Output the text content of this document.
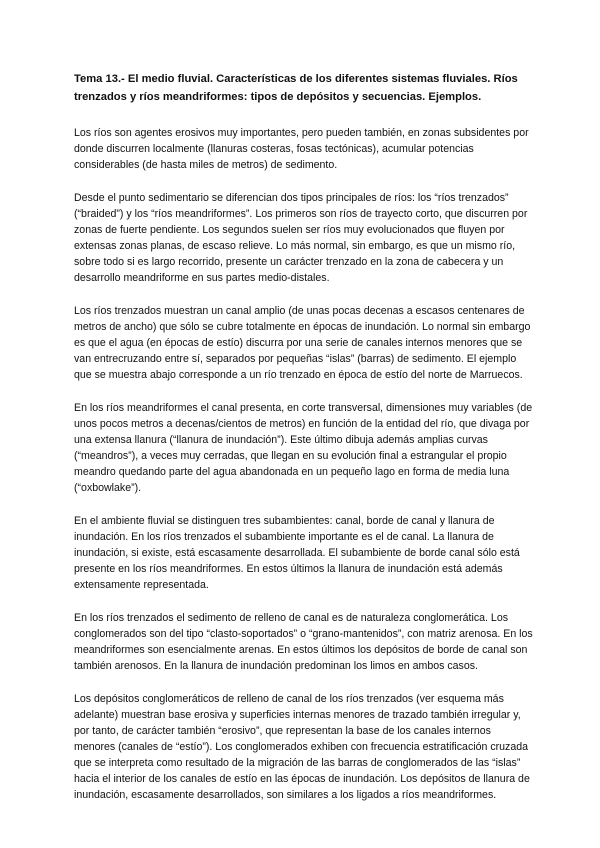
Tema 13.- El medio fluvial. Características de los diferentes sistemas fluviales. Ríos trenzados y ríos meandriformes: tipos de depósitos y secuencias. Ejemplos.

Los ríos son agentes erosivos muy importantes, pero pueden también, en zonas subsidentes por donde discurren localmente (llanuras costeras, fosas tectónicas), acumular potencias considerables (de hasta miles de metros) de sedimento.

Desde el punto sedimentario se diferencian dos tipos principales de ríos: los “ríos trenzados” (“braided”) y los “ríos meandriformes”. Los primeros son ríos de trayecto corto, que discurren por zonas de fuerte pendiente. Los segundos suelen ser ríos muy evolucionados que fluyen por extensas zonas planas, de escaso relieve. Lo más normal, sin embargo, es que un mismo río, sobre todo si es largo recorrido, presente un carácter trenzado en la zona de cabecera y un desarrollo meandriforme en sus partes medio-distales.

Los ríos trenzados muestran un canal amplio (de unas pocas decenas a escasos centenares de metros de ancho) que sólo se cubre totalmente en épocas de inundación. Lo normal sin embargo es que el agua (en épocas de estío) discurra por una serie de canales internos menores que se van entrecruzando entre sí, separados por pequeñas “islas” (barras) de sedimento. El ejemplo que se muestra abajo corresponde a un río trenzado en época de estío del norte de Marruecos.

En los ríos meandriformes el canal presenta, en corte transversal, dimensiones muy variables (de unos pocos metros a decenas/cientos de metros) en función de la entidad del río, que divaga por una extensa llanura (“llanura de inundación”). Este último dibuja además amplias curvas (“meandros”), a veces muy cerradas, que llegan en su evolución final a estrangular el propio meandro quedando parte del agua abandonada en un pequeño lago en forma de media luna (“oxbowlake”).

En el ambiente fluvial se distinguen tres subambientes: canal, borde de canal y llanura de inundación. En los ríos trenzados el subambiente importante es el de canal. La llanura de inundación, si existe, está escasamente desarrollada. El subambiente de borde canal sólo está presente en los ríos meandriformes. En estos últimos la llanura de inundación está además extensamente representada.

En los ríos trenzados el sedimento de relleno de canal es de naturaleza conglomerática. Los conglomerados son del tipo “clasto-soportados” o “grano-mantenidos”, con matriz arenosa. En los meandriformes son esencialmente arenas. En estos últimos los depósitos de borde de canal son también arenosos. En la llanura de inundación predominan los limos en ambos casos.

Los depósitos conglomeráticos de relleno de canal de los ríos trenzados (ver esquema más adelante) muestran base erosiva y superficies internas menores de trazado también irregular y, por tanto, de carácter también “erosivo”, que representan la base de los canales internos menores (canales de “estío”). Los conglomerados exhiben con frecuencia estratificación cruzada que se interpreta como resultado de la migración de las barras de conglomerados de las “islas” hacia el interior de los canales de estío en las épocas de inundación. Los depósitos de llanura de inundación, escasamente desarrollados, son similares a los ligados a ríos meandriformes.
